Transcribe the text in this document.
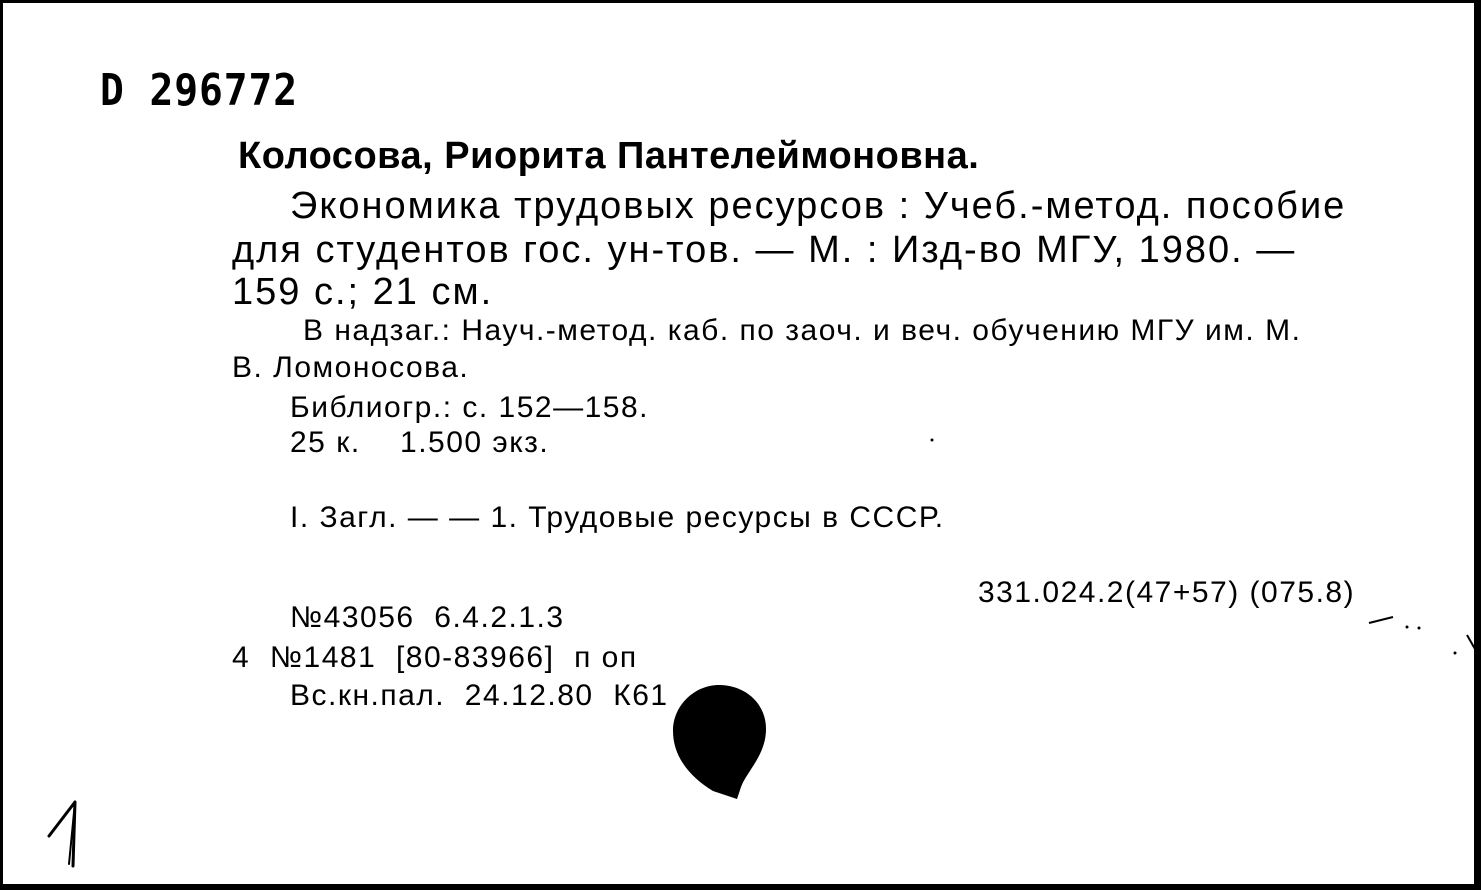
D 296772
Колосова, Риорита Пантелеймоновна.
Экономика трудовых ресурсов : Учеб.-метод. пособие
для студентов гос. ун-тов. — М. : Изд-во МГУ, 1980. —
159 с.; 21 см.
В надзаг.: Науч.-метод. каб. по заоч. и веч. обучению МГУ им. М.
В. Ломоносова.
Библиогр.: с. 152—158.
25 к.    1.500 экз.
I. Загл. — — 1. Трудовые ресурсы в СССР.
331.024.2(47+57) (075.8)
№43056  6.4.2.1.3
4  №1481  [80-83966]  п оп
Вс.кн.пал.  24.12.80  К61
